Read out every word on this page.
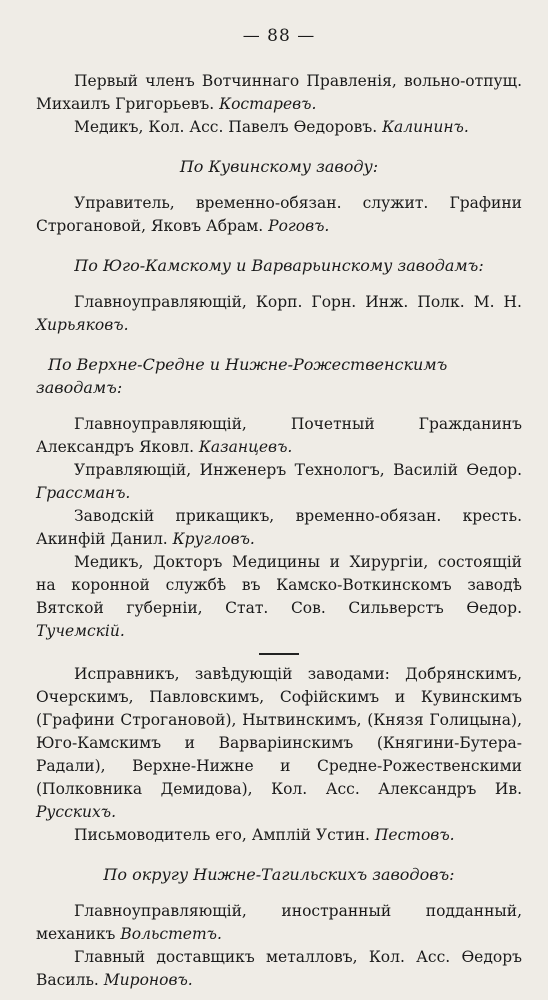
— 88 —

Первый членъ Вотчиннаго Правленія, вольно-отпущ. Михаилъ Григорьевъ. Костаревъ.

Медикъ, Кол. Асс. Павелъ Өедоровъ. Калининъ.

По Кувинскому заводу:

Управитель, временно-обязан. служит. Графини Строгановой, Яковъ Абрам. Роговъ.

По Юго-Камскому и Варварьинскому заводамъ:

Главноуправляющій, Корп. Горн. Инж. Полк. М. Н. Хирьяковъ.

По Верхне-Средне и Нижне-Рожественскимъ заводамъ:

Главноуправляющій, Почетный Гражданинъ Александръ Яковл. Казанцевъ.

Управляющій, Инженеръ Технологъ, Василій Өедор. Грассманъ.

Заводскій прикащикъ, временно-обязан. кресть. Акинфій Данил. Кругловъ.

Медикъ, Докторъ Медицины и Хирургіи, состоящій на коронной службѣ въ Камско-Воткинскомъ заводѣ Вятской губерніи, Стат. Сов. Сильверстъ Өедор. Тучемскій.

Исправникъ, завѣдующій заводами: Добрянскимъ, Очерскимъ, Павловскимъ, Софійскимъ и Кувинскимъ (Графини Строгановой), Нытвинскимъ, (Князя Голицына), Юго-Камскимъ и Варваріинскимъ (Княгини-Бутера-Радали), Верхне-Нижне и Средне-Рожественскими (Полковника Демидова), Кол. Асс. Александръ Ив. Русскихъ.

Письмоводитель его, Амплій Устин. Пестовъ.

По округу Нижне-Тагильскихъ заводовъ:

Главноуправляющій, иностранный подданный, механикъ Вольстетъ.

Главный доставщикъ металловъ, Кол. Асс. Өедоръ Василь. Мироновъ.
